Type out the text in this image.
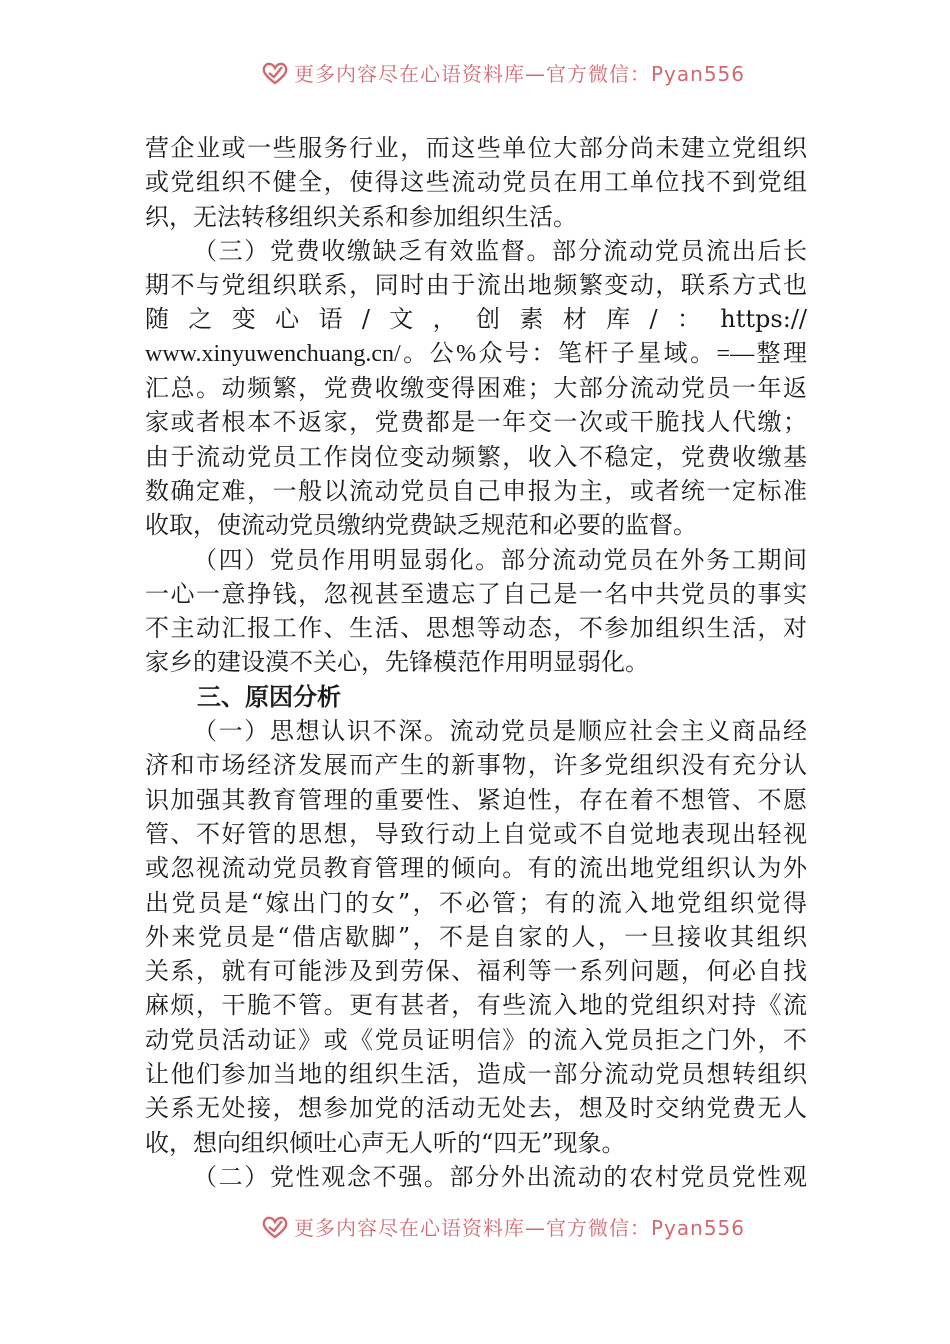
更多内容尽在心语资料库—官方微信：Pyan556
营企业或一些服务行业，而这些单位大部分尚未建立党组织
或党组织不健全，使得这些流动党员在用工单位找不到党组
织，无法转移组织关系和参加组织生活。
（三）党费收缴缺乏有效监督。部分流动党员流出后长
期不与党组织联系，同时由于流出地频繁变动，联系方式也
随之变心语/文，创素材库/：https://
www.xinyuwenchuang.cn/。公%众号：笔杆子星域。=—整理
汇总。动频繁，党费收缴变得困难；大部分流动党员一年返
家或者根本不返家，党费都是一年交一次或干脆找人代缴；
由于流动党员工作岗位变动频繁，收入不稳定，党费收缴基
数确定难，一般以流动党员自己申报为主，或者统一定标准
收取，使流动党员缴纳党费缺乏规范和必要的监督。
（四）党员作用明显弱化。部分流动党员在外务工期间
一心一意挣钱，忽视甚至遗忘了自己是一名中共党员的事实
不主动汇报工作、生活、思想等动态，不参加组织生活，对
家乡的建设漠不关心，先锋模范作用明显弱化。
三、原因分析
（一）思想认识不深。流动党员是顺应社会主义商品经
济和市场经济发展而产生的新事物，许多党组织没有充分认
识加强其教育管理的重要性、紧迫性，存在着不想管、不愿
管、不好管的思想，导致行动上自觉或不自觉地表现出轻视
或忽视流动党员教育管理的倾向。有的流出地党组织认为外
出党员是“嫁出门的女”，不必管；有的流入地党组织觉得
外来党员是“借店歇脚”，不是自家的人，一旦接收其组织
关系，就有可能涉及到劳保、福利等一系列问题，何必自找
麻烦，干脆不管。更有甚者，有些流入地的党组织对持《流
动党员活动证》或《党员证明信》的流入党员拒之门外，不
让他们参加当地的组织生活，造成一部分流动党员想转组织
关系无处接，想参加党的活动无处去，想及时交纳党费无人
收，想向组织倾吐心声无人听的“四无”现象。
（二）党性观念不强。部分外出流动的农村党员党性观
更多内容尽在心语资料库—官方微信：Pyan556
